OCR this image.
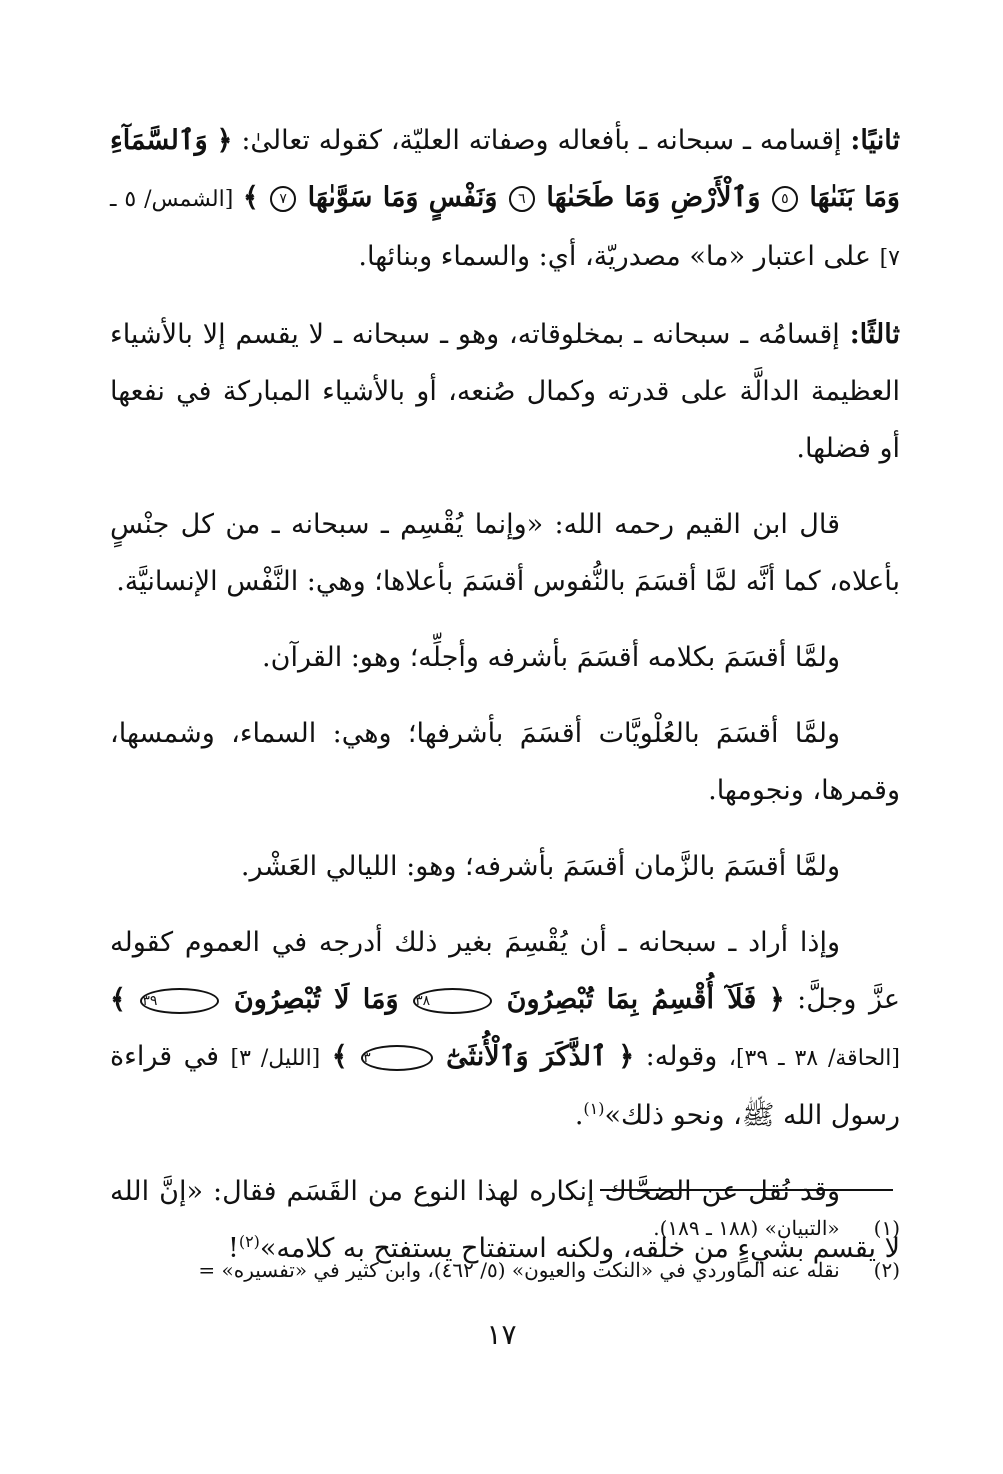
ثانيًا: إقسامه ـ سبحانه ـ بأفعاله وصفاته العليّة، كقوله تعالىٰ: ﴿ وَٱلسَّمَآءِ وَمَا بَنَىٰهَا ٥ وَٱلْأَرْضِ وَمَا طَحَىٰهَا ٦ وَنَفْسٍ وَمَا سَوَّىٰهَا ٧ ﴾ [الشمس/ ٥ ـ ٧] على اعتبار «ما» مصدريّة، أي: والسماء وبنائها.

ثالثًا: إقسامُه ـ سبحانه ـ بمخلوقاته، وهو ـ سبحانه ـ لا يقسم إلا بالأشياء العظيمة الدالَّة على قدرته وكمال صُنعه، أو بالأشياء المباركة في نفعها أو فضلها.

قال ابن القيم رحمه الله: «وإنما يُقْسِم ـ سبحانه ـ من كل جنْسٍ بأعلاه، كما أنَّه لمَّا أقسَمَ بالنُّفوس أقسَمَ بأعلاها؛ وهي: النَّفْس الإنسانيَّة.

ولمَّا أقسَمَ بكلامه أقسَمَ بأشرفه وأجلِّه؛ وهو: القرآن.

ولمَّا أقسَمَ بالعُلْويَّات أقسَمَ بأشرفها؛ وهي: السماء، وشمسها، وقمرها، ونجومها.

ولمَّا أقسَمَ بالزَّمان أقسَمَ بأشرفه؛ وهو: الليالي العَشْر.

وإذا أراد ـ سبحانه ـ أن يُقْسِمَ بغير ذلك أدرجه في العموم كقوله عزَّ وجلَّ: ﴿ فَلَآ أُقْسِمُ بِمَا تُبْصِرُونَ ٣٨ وَمَا لَا تُبْصِرُونَ ٣٩ ﴾ [الحاقة/ ٣٨ ـ ٣٩]، وقوله: ﴿ ٱلذَّكَرَ وَٱلْأُنثَىٰٓ ٣ ﴾ [الليل/ ٣] في قراءة رسول الله ﷺ، ونحو ذلك»$^{(١)}$.

وقد نُقل عن الضحَّاك إنكاره لهذا النوع من القَسَم فقال: «إنَّ الله لا يقسم بشيءٍ من خلقه، ولكنه استفتاح يستفتح به كلامه»$^{(٢)}$!

(١) «التبيان» (١٨٨ ـ ١٨٩).

(٢) نقله عنه الماوردي في «النكت والعيون» (٥/ ٤٦٢)، وابن كثير في «تفسيره» =

١٧
